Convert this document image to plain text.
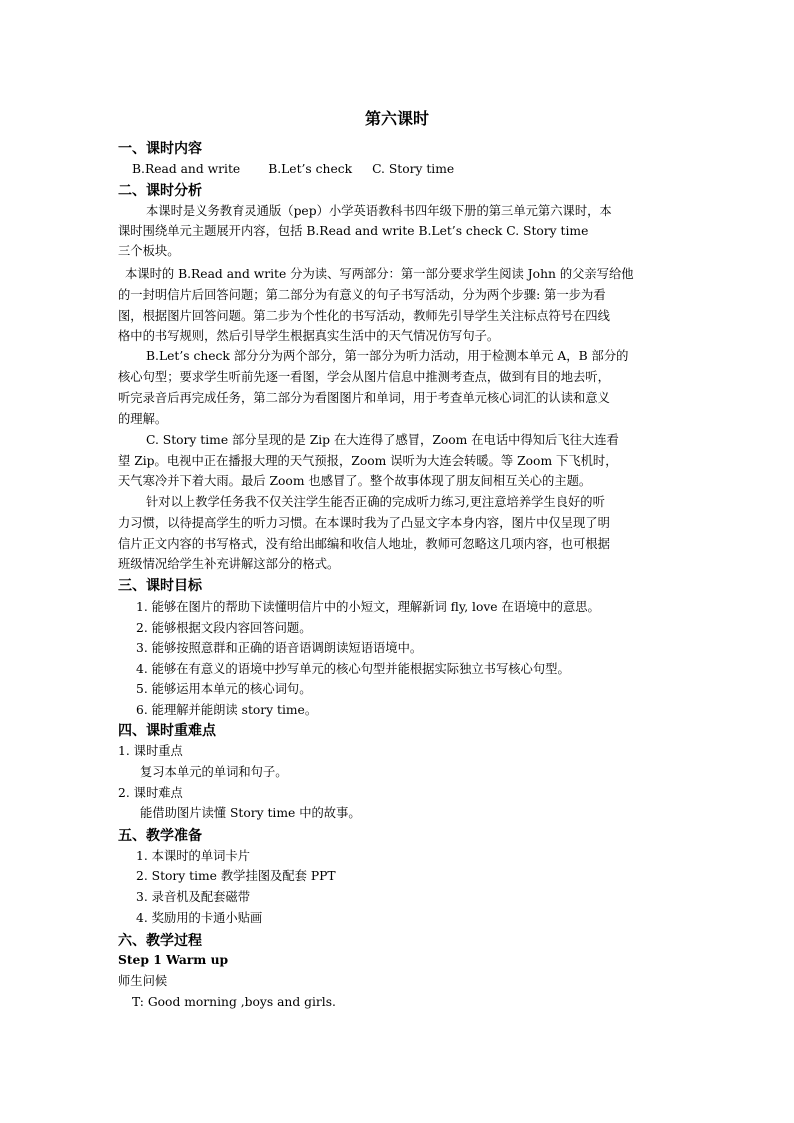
第六课时
一、课时内容
B.Read and write B.Let’s check C. Story time
二、课时分析
本课时是义务教育灵通版（pep）小学英语教科书四年级下册的第三单元第六课时，本
课时围绕单元主题展开内容，包括 B.Read and write B.Let’s check C. Story time
三个板块。
本课时的 B.Read and write 分为读、写两部分：第一部分要求学生阅读 John 的父亲写给他
的一封明信片后回答问题；第二部分为有意义的句子书写活动，分为两个步骤: 第一步为看
图，根据图片回答问题。第二步为个性化的书写活动，教师先引导学生关注标点符号在四线
格中的书写规则，然后引导学生根据真实生活中的天气情况仿写句子。
B.Let’s check 部分分为两个部分，第一部分为听力活动，用于检测本单元 A，B 部分的
核心句型；要求学生听前先逐一看图，学会从图片信息中推测考查点，做到有目的地去听，
听完录音后再完成任务，第二部分为看图图片和单词，用于考查单元核心词汇的认读和意义
的理解。
C. Story time 部分呈现的是 Zip 在大连得了感冒，Zoom 在电话中得知后飞往大连看
望 Zip。电视中正在播报大理的天气预报，Zoom 误听为大连会转暖。等 Zoom 下飞机时，
天气寒冷并下着大雨。最后 Zoom 也感冒了。整个故事体现了朋友间相互关心的主题。
针对以上教学任务我不仅关注学生能否正确的完成听力练习,更注意培养学生良好的听
力习惯，以待提高学生的听力习惯。在本课时我为了凸显文字本身内容，图片中仅呈现了明
信片正文内容的书写格式，没有给出邮编和收信人地址，教师可忽略这几项内容，也可根据
班级情况给学生补充讲解这部分的格式。
三、课时目标
1. 能够在图片的帮助下读懂明信片中的小短文，理解新词 fly, love 在语境中的意思。
2. 能够根据文段内容回答问题。
3. 能够按照意群和正确的语音语调朗读短语语境中。
4. 能够在有意义的语境中抄写单元的核心句型并能根据实际独立书写核心句型。
5. 能够运用本单元的核心词句。
6. 能理解并能朗读 story time。
四、课时重难点
1. 课时重点
复习本单元的单词和句子。
2. 课时难点
能借助图片读懂 Story time 中的故事。
五、教学准备
1. 本课时的单词卡片
2. Story time 教学挂图及配套 PPT
3. 录音机及配套磁带
4. 奖励用的卡通小贴画
六、教学过程
Step 1 Warm up
师生问候
T: Good morning ,boys and girls.
